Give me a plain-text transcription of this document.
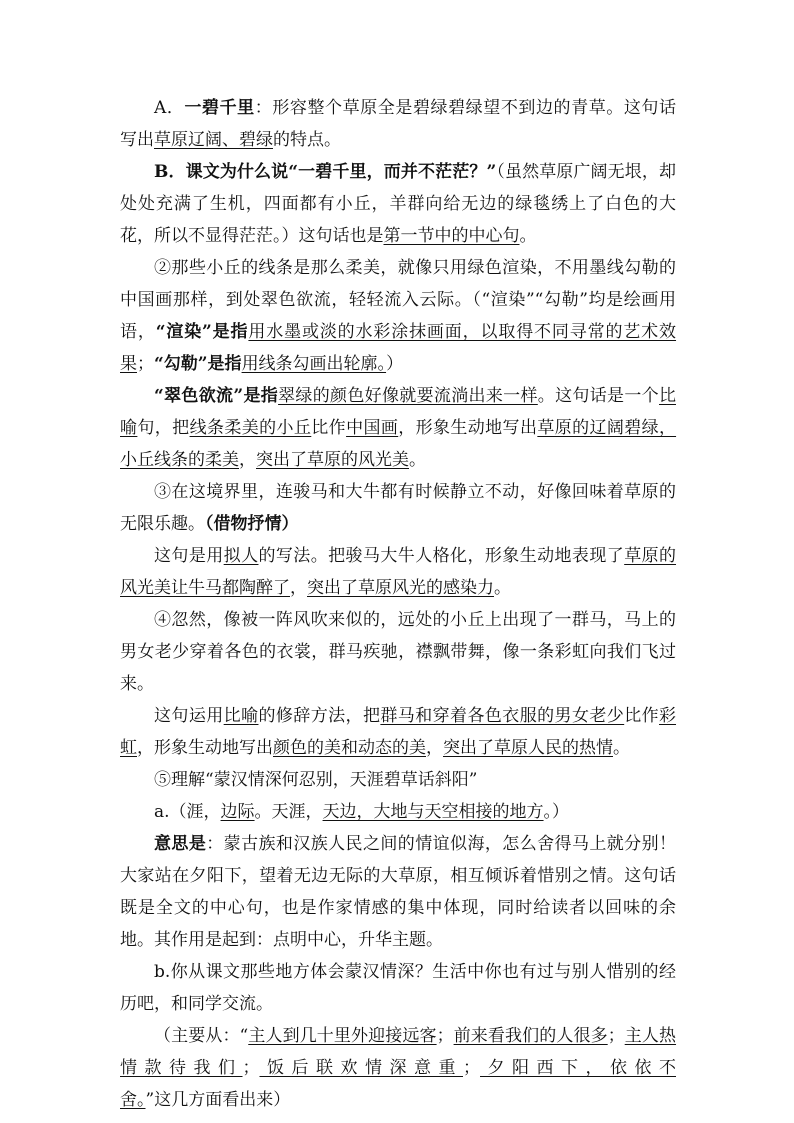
A．一碧千里：形容整个草原全是碧绿碧绿望不到边的青草。这句话写出草原辽阔、碧绿的特点。

B．课文为什么说“一碧千里，而并不茫茫？”（虽然草原广阔无垠，却处处充满了生机，四面都有小丘，羊群向给无边的绿毯绣上了白色的大花，所以不显得茫茫。）这句话也是第一节中的中心句。

②那些小丘的线条是那么柔美，就像只用绿色渲染，不用墨线勾勒的中国画那样，到处翠色欲流，轻轻流入云际。（“渲染”“勾勒”均是绘画用语，“渲染”是指用水墨或淡的水彩涂抹画面，以取得不同寻常的艺术效果；“勾勒”是指用线条勾画出轮廓。）

“翠色欲流”是指翠绿的颜色好像就要流淌出来一样。这句话是一个比喻句，把线条柔美的小丘比作中国画，形象生动地写出草原的辽阔碧绿，小丘线条的柔美，突出了草原的风光美。

③在这境界里，连骏马和大牛都有时候静立不动，好像回味着草原的无限乐趣。（借物抒情）

这句是用拟人的写法。把骏马大牛人格化，形象生动地表现了草原的风光美让牛马都陶醉了，突出了草原风光的感染力。

④忽然，像被一阵风吹来似的，远处的小丘上出现了一群马，马上的男女老少穿着各色的衣裳，群马疾驰，襟飘带舞，像一条彩虹向我们飞过来。

这句运用比喻的修辞方法，把群马和穿着各色衣服的男女老少比作彩虹，形象生动地写出颜色的美和动态的美，突出了草原人民的热情。

⑤理解“蒙汉情深何忍别，天涯碧草话斜阳”

a.（涯，边际。天涯，天边，大地与天空相接的地方。）

意思是：蒙古族和汉族人民之间的情谊似海，怎么舍得马上就分别！大家站在夕阳下，望着无边无际的大草原，相互倾诉着惜别之情。这句话既是全文的中心句，也是作家情感的集中体现，同时给读者以回味的余地。其作用是起到：点明中心，升华主题。

b.你从课文那些地方体会蒙汉情深？生活中你也有过与别人惜别的经历吧，和同学交流。

（主要从：“主人到几十里外迎接远客；前来看我们的人很多；主人热情款待我们；饭后联欢情深意重；夕阳西下，依依不舍。”这几方面看出来）
